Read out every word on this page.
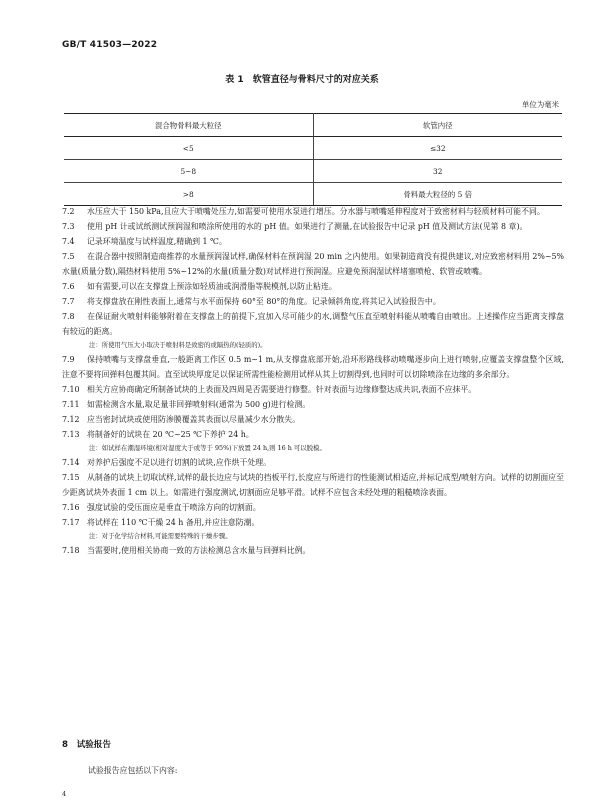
GB/T 41503—2022
表 1　软管直径与骨料尺寸的对应关系
单位为毫米
混合物骨料最大粒径	软管内径
<5	≤32
5~8	32
>8	骨料最大粒径的 5 倍

7.2 水压应大于 150 kPa,且应大于喷嘴处压力,如需要可使用水泵进行增压。分水器与喷嘴延伸程度对于致密材料与轻质材料可能不同。

7.3 使用 pH 计或试纸测试预润湿和喷涂所使用的水的 pH 值。如果进行了测量,在试验报告中记录 pH 值及测试方法(见第 8 章)。

7.4 记录环境温度与试样温度,精确到 1 ℃。

7.5 在混合器中按照制造商推荐的水量预润湿试样,确保材料在预润湿 20 min 之内使用。如果制造商没有提供建议,对应致密材料用 2%~5%水量(质量分数),隔热材料使用 5%~12%的水量(质量分数)对试样进行预润湿。应避免预润湿试样堵塞喷枪、软管或喷嘴。

7.6 如有需要,可以在支撑盘上预涂如轻质油或润滑脂等脱模剂,以防止粘连。

7.7 将支撑盘放在刚性表面上,通常与水平面保持 60°至 80°的角度。记录倾斜角度,将其记入试验报告中。

7.8 在保证耐火喷射料能够附着在支撑盘上的前提下,宜加入尽可能少的水,调整气压直至喷射料能从喷嘴自由喷出。上述操作应当距离支撑盘有较远的距离。

注：所使用气压大小取决于喷射料是致密的或隔热的(轻质的)。

7.9 保持喷嘴与支撑盘垂直,一般距离工作区 0.5 m~1 m,从支撑盘底部开始,沿环形路线移动喷嘴逐步向上进行喷射,应覆盖支撑盘整个区域,注意不要将回弹料包覆其间。直至试块厚度足以保证所需性能检测用试样从其上切割得到,也同时可以切除喷涂在边缘的多余部分。

7.10 相关方应协商确定所制备试块的上表面及四周是否需要进行修整。针对表面与边缘修整达成共识,表面不应抹平。

7.11 如需检测含水量,取足量非回弹喷射料(通常为 500 g)进行检测。

7.12 应当密封试块或使用防渗膜覆盖其表面以尽量减少水分散失。

7.13 将制备好的试块在 20 ℃~25 ℃下养护 24 h。

注：如试样在潮湿环境(相对湿度大于或等于 95%)下放置 24 h,则 16 h 可以脱模。

7.14 对养护后强度不足以进行切割的试块,应作烘干处理。

7.15 从制备的试块上切取试样,试样的最长边应与试块的挡板平行,长度应与所进行的性能测试相适应,并标记成型/喷射方向。试样的切割面应至少距离试块外表面 1 cm 以上。如需进行强度测试,切割面应足够平滑。试样不应包含未经处理的粗糙喷涂表面。

7.16 强度试验的受压面应是垂直于喷涂方向的切割面。

7.17 将试样在 110 ℃干燥 24 h 备用,并应注意防潮。

注：对于化学结合材料,可能需要特殊的干燥步骤。

7.18 当需要时,使用相关协商一致的方法检测总含水量与回弹料比例。

8　试验报告
试验报告应包括以下内容:
4
